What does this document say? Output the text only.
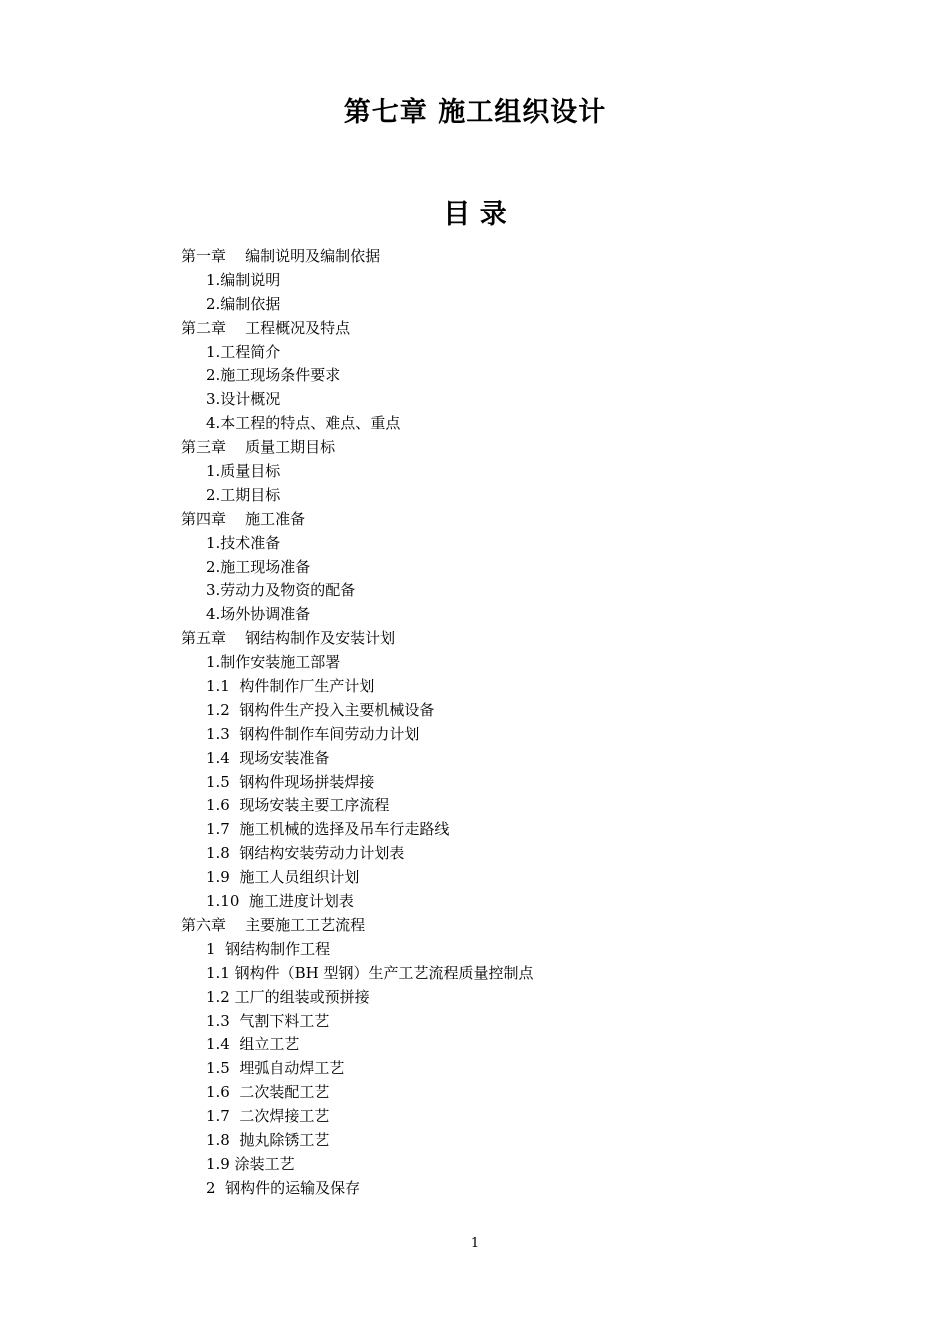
第七章 施工组织设计
目 录
第一章    编制说明及编制依据
1.编制说明
2.编制依据
第二章    工程概况及特点
1.工程简介
2.施工现场条件要求
3.设计概况
4.本工程的特点、难点、重点
第三章    质量工期目标
1.质量目标
2.工期目标
第四章    施工准备
1.技术准备
2.施工现场准备
3.劳动力及物资的配备
4.场外协调准备
第五章    钢结构制作及安装计划
1.制作安装施工部署
1.1  构件制作厂生产计划
1.2  钢构件生产投入主要机械设备
1.3  钢构件制作车间劳动力计划
1.4  现场安装准备
1.5  钢构件现场拼装焊接
1.6  现场安装主要工序流程
1.7  施工机械的选择及吊车行走路线
1.8  钢结构安装劳动力计划表
1.9  施工人员组织计划
1.10  施工进度计划表
第六章    主要施工工艺流程
1  钢结构制作工程
1.1 钢构件（BH 型钢）生产工艺流程质量控制点
1.2 工厂的组装或预拼接
1.3  气割下料工艺
1.4  组立工艺
1.5  埋弧自动焊工艺
1.6  二次装配工艺
1.7  二次焊接工艺
1.8  抛丸除锈工艺
1.9 涂装工艺
2  钢构件的运输及保存
1
